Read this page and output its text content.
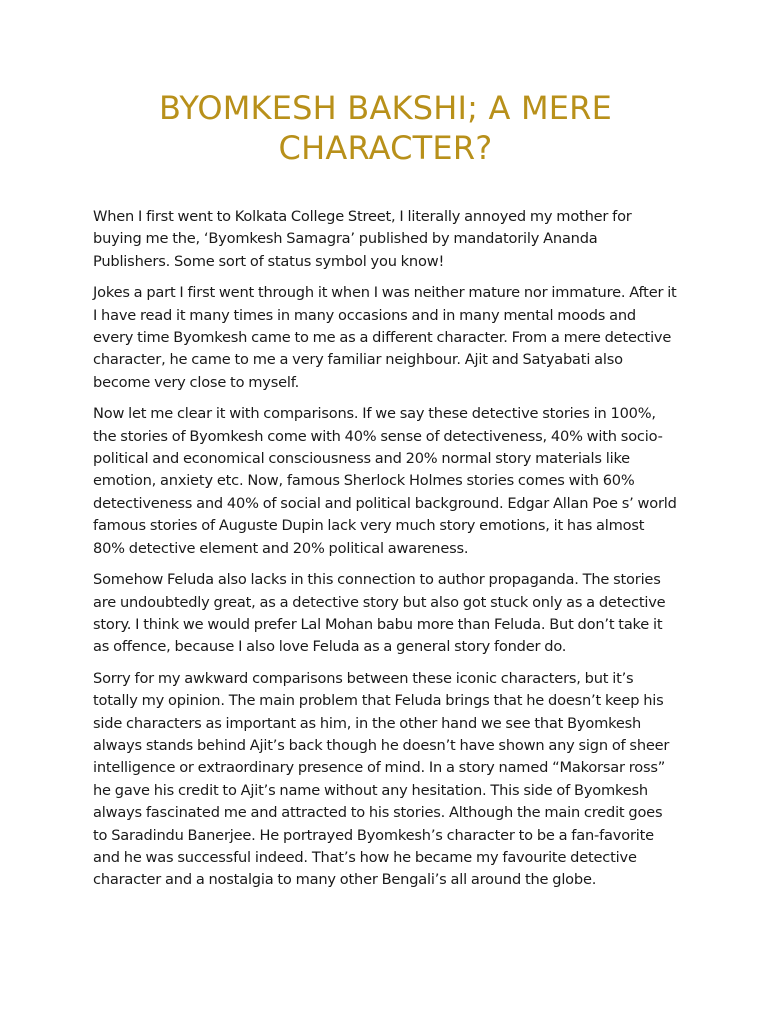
BYOMKESH BAKSHI; A MERE
CHARACTER?

When I first went to Kolkata College Street, I literally annoyed my mother for buying me the, ‘Byomkesh Samagra’ published by mandatorily Ananda Publishers. Some sort of status symbol you know!

Jokes a part I first went through it when I was neither mature nor immature. After it I have read it many times in many occasions and in many mental moods and every time Byomkesh came to me as a different character. From a mere detective character, he came to me a very familiar neighbour. Ajit and Satyabati also become very close to myself.

Now let me clear it with comparisons. If we say these detective stories in 100%, the stories of Byomkesh come with 40% sense of detectiveness, 40% with socio-political and economical consciousness and 20% normal story materials like emotion, anxiety etc. Now, famous Sherlock Holmes stories comes with 60% detectiveness and 40% of social and political background. Edgar Allan Poe s’ world famous stories of Auguste Dupin lack very much story emotions, it has almost 80% detective element and 20% political awareness.

Somehow Feluda also lacks in this connection to author propaganda. The stories are undoubtedly great, as a detective story but also got stuck only as a detective story. I think we would prefer Lal Mohan babu more than Feluda. But don’t take it as offence, because I also love Feluda as a general story fonder do.

Sorry for my awkward comparisons between these iconic characters, but it’s totally my opinion. The main problem that Feluda brings that he doesn’t keep his side characters as important as him, in the other hand we see that Byomkesh always stands behind Ajit’s back though he doesn’t have shown any sign of sheer intelligence or extraordinary presence of mind. In a story named “Makorsar ross” he gave his credit to Ajit’s name without any hesitation. This side of Byomkesh always fascinated me and attracted to his stories. Although the main credit goes to Saradindu Banerjee. He portrayed Byomkesh’s character to be a fan-favorite and he was successful indeed. That’s how he became my favourite detective character and a nostalgia to many other Bengali’s all around the globe.
